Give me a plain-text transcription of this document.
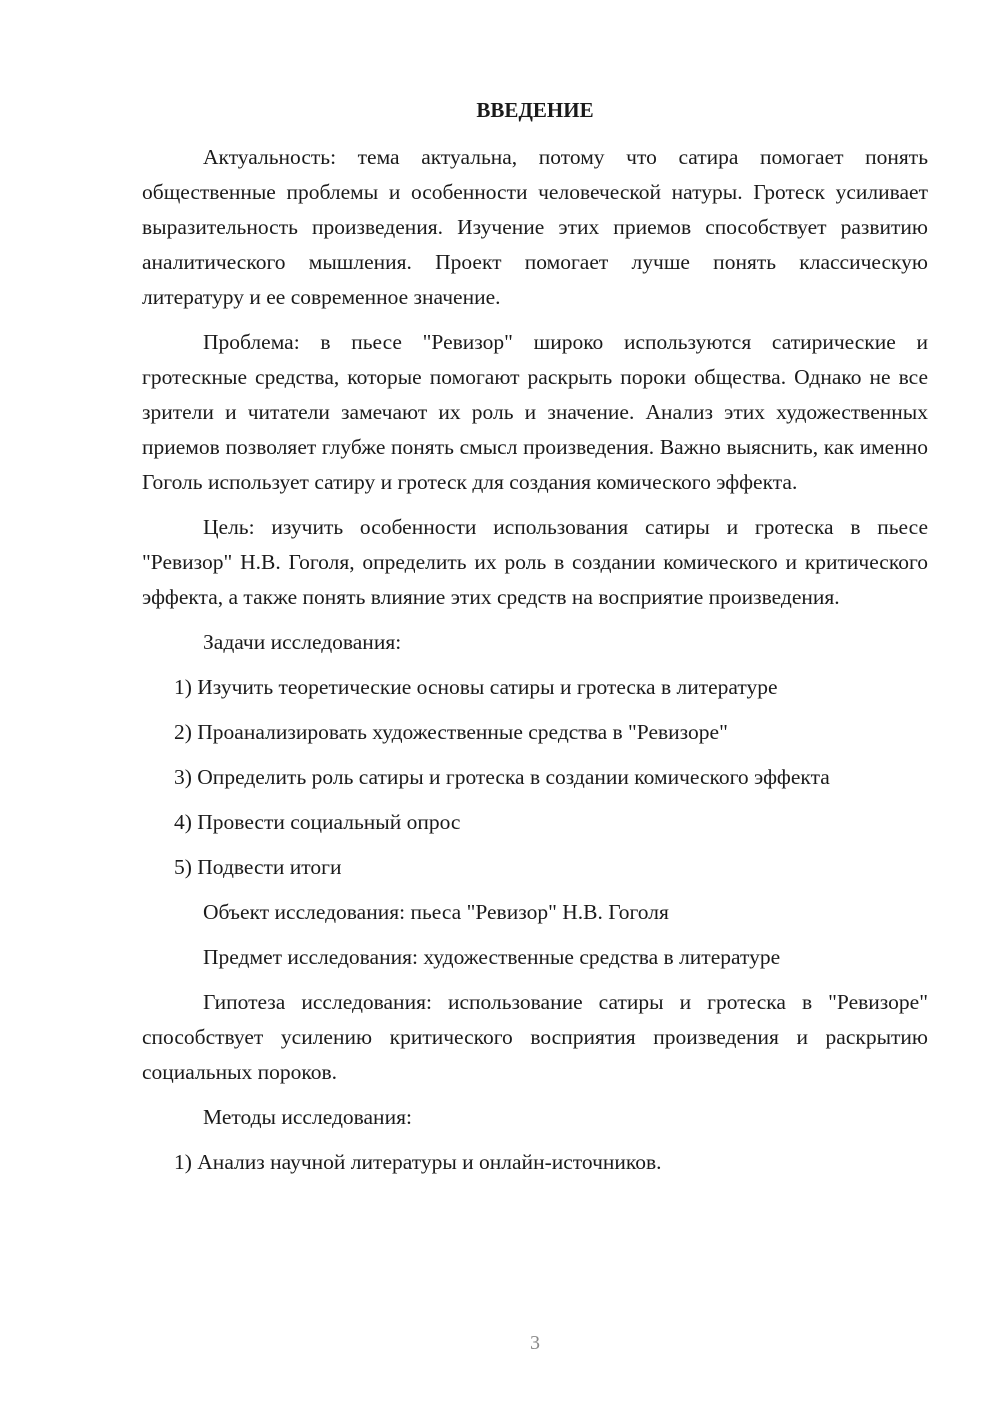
ВВЕДЕНИЕ

Актуальность: тема актуальна, потому что сатира помогает понять общественные проблемы и особенности человеческой натуры. Гротеск усиливает выразительность произведения. Изучение этих приемов способствует развитию аналитического мышления. Проект помогает лучше понять классическую литературу и ее современное значение.

Проблема: в пьесе "Ревизор" широко используются сатирические и гротескные средства, которые помогают раскрыть пороки общества. Однако не все зрители и читатели замечают их роль и значение. Анализ этих художественных приемов позволяет глубже понять смысл произведения. Важно выяснить, как именно Гоголь использует сатиру и гротеск для создания комического эффекта.

Цель: изучить особенности использования сатиры и гротеска в пьесе "Ревизор" Н.В. Гоголя, определить их роль в создании комического и критического эффекта, а также понять влияние этих средств на восприятие произведения.

Задачи исследования:

1) Изучить теоретические основы сатиры и гротеска в литературе

2) Проанализировать художественные средства в "Ревизоре"

3) Определить роль сатиры и гротеска в создании комического эффекта

4) Провести социальный опрос

5) Подвести итоги

Объект исследования: пьеса "Ревизор" Н.В. Гоголя

Предмет исследования: художественные средства в литературе

Гипотеза исследования: использование сатиры и гротеска в "Ревизоре" способствует усилению критического восприятия произведения и раскрытию социальных пороков.

Методы исследования:

1) Анализ научной литературы и онлайн-источников.

3
